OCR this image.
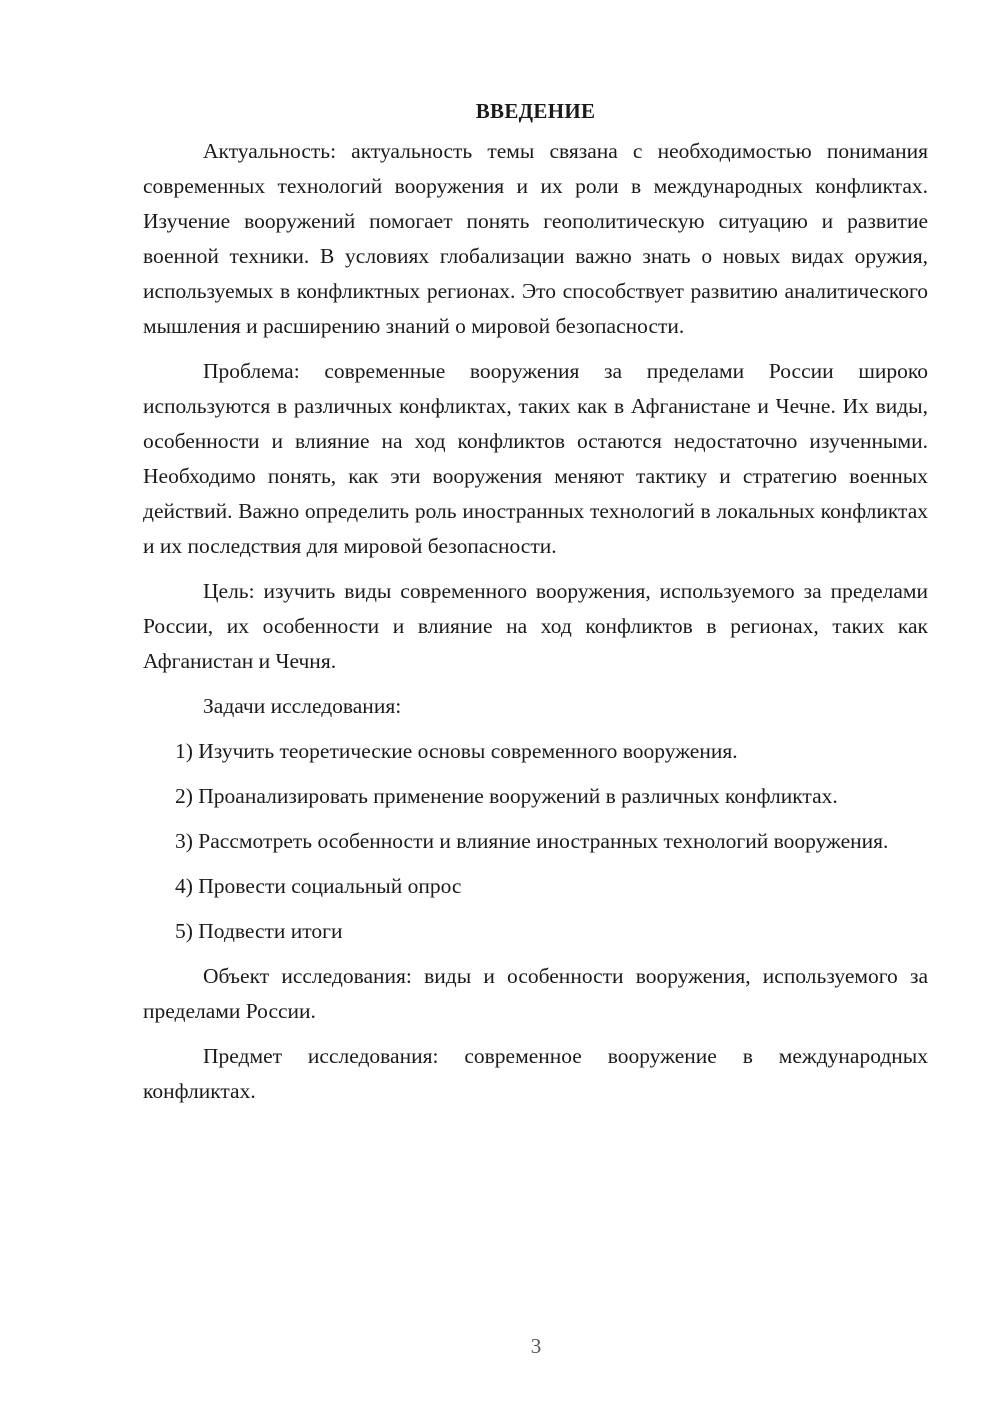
ВВЕДЕНИЕ

Актуальность: актуальность темы связана с необходимостью понимания современных технологий вооружения и их роли в международных конфликтах. Изучение вооружений помогает понять геополитическую ситуацию и развитие военной техники. В условиях глобализации важно знать о новых видах оружия, используемых в конфликтных регионах. Это способствует развитию аналитического мышления и расширению знаний о мировой безопасности.

Проблема: современные вооружения за пределами России широко используются в различных конфликтах, таких как в Афганистане и Чечне. Их виды, особенности и влияние на ход конфликтов остаются недостаточно изученными. Необходимо понять, как эти вооружения меняют тактику и стратегию военных действий. Важно определить роль иностранных технологий в локальных конфликтах и их последствия для мировой безопасности.

Цель: изучить виды современного вооружения, используемого за пределами России, их особенности и влияние на ход конфликтов в регионах, таких как Афганистан и Чечня.

Задачи исследования:

1) Изучить теоретические основы современного вооружения.

2) Проанализировать применение вооружений в различных конфликтах.

3) Рассмотреть особенности и влияние иностранных технологий вооружения.

4) Провести социальный опрос

5) Подвести итоги

Объект исследования: виды и особенности вооружения, используемого за пределами России.

Предмет исследования: современное вооружение в международных конфликтах.

3
